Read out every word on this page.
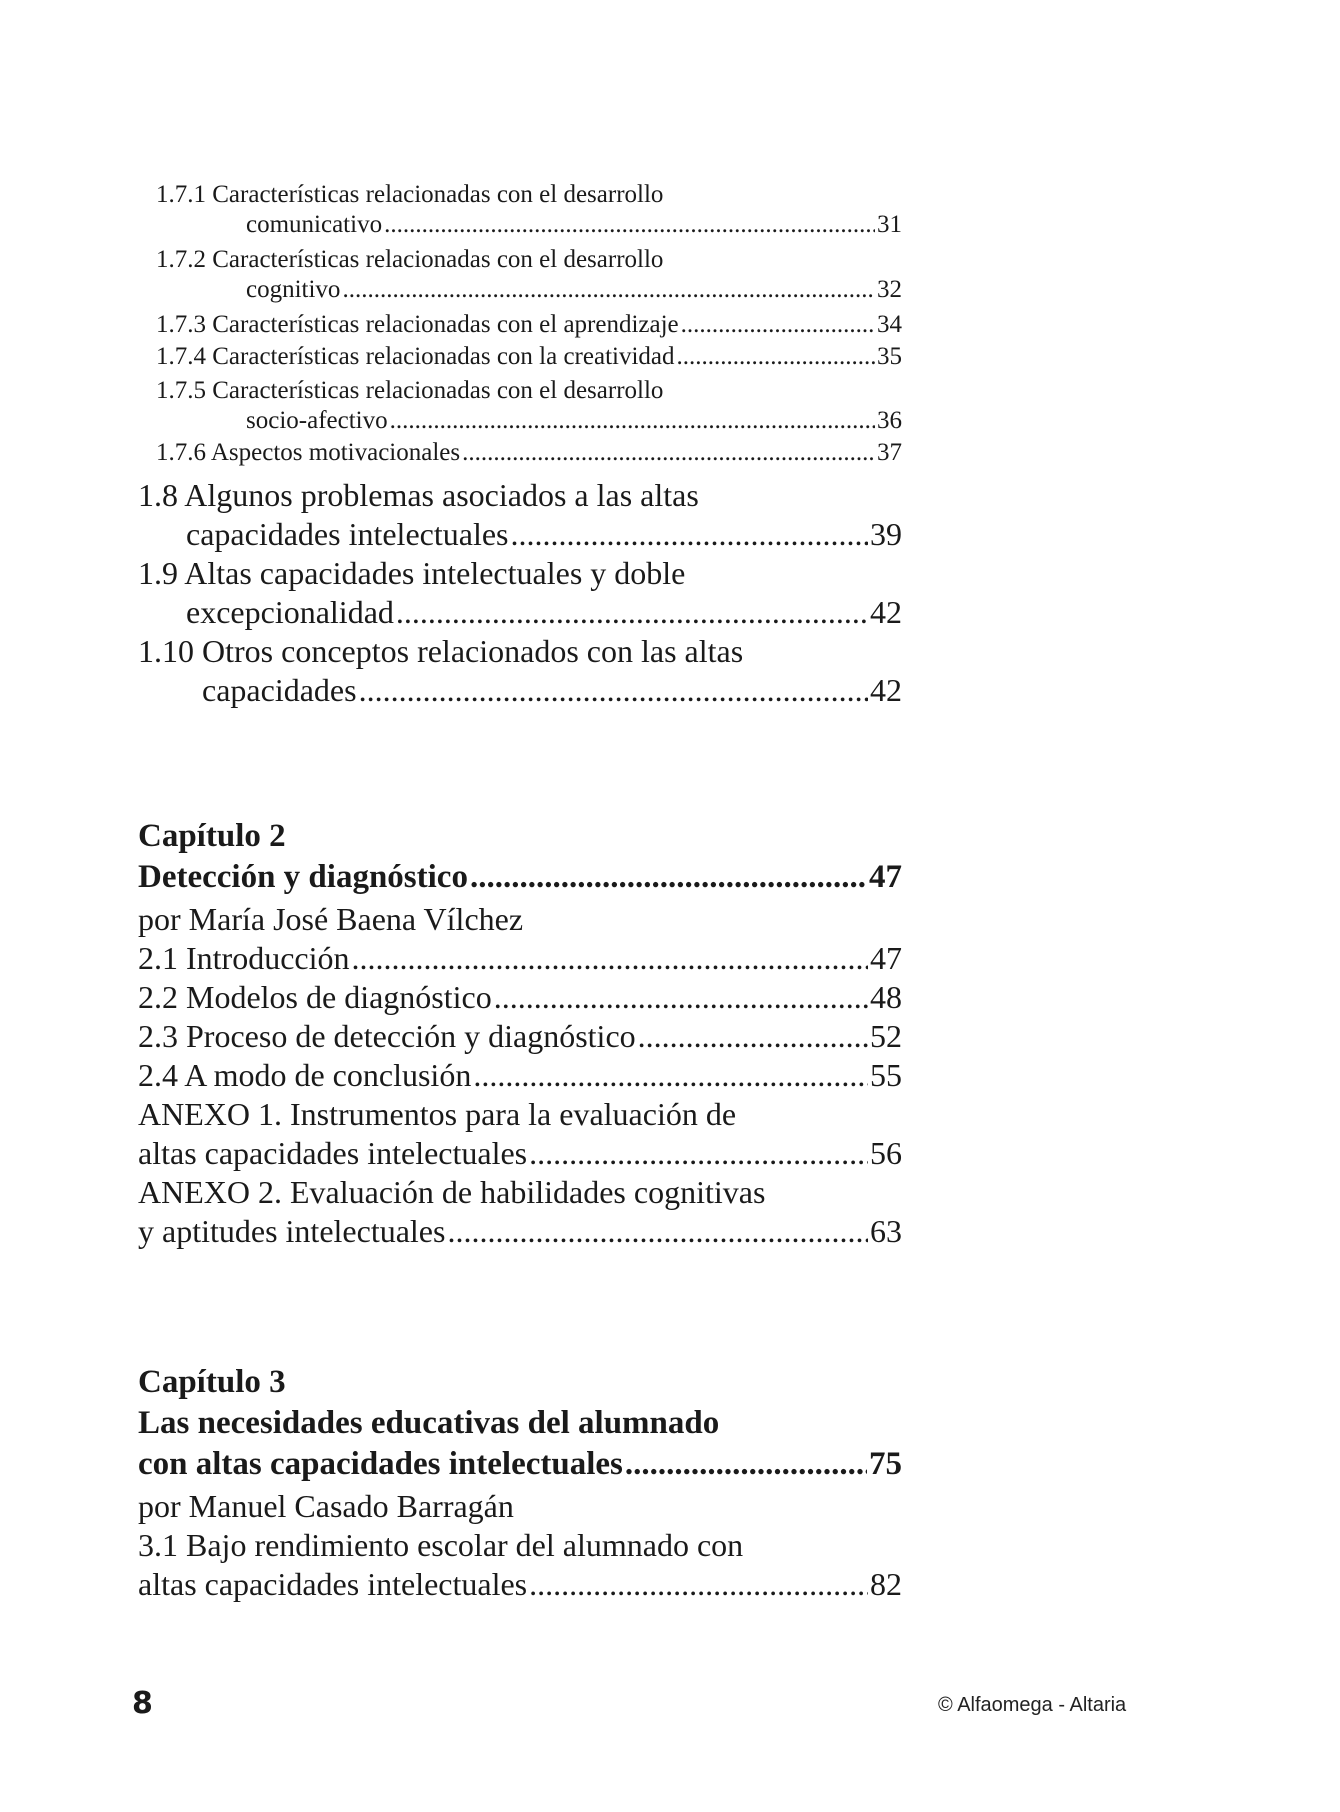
1.7.1 Características relacionadas con el desarrollo
comunicativo .....	31
1.7.2 Características relacionadas con el desarrollo
cognitivo .....	32
1.7.3 Características relacionadas con el aprendizaje .....	34
1.7.4 Características relacionadas con la creatividad .....	35
1.7.5 Características relacionadas con el desarrollo
socio-afectivo .....	36
1.7.6 Aspectos motivacionales .....	37
1.8 Algunos problemas asociados a las altas
capacidades intelectuales .....	39
1.9 Altas capacidades intelectuales y doble
excepcionalidad .....	42
1.10 Otros conceptos relacionados con las altas
capacidades .....	42
Capítulo 2
Detección y diagnóstico .....	47
por María José Baena Vílchez
2.1 Introducción .....	47
2.2 Modelos de diagnóstico .....	48
2.3 Proceso de detección y diagnóstico .....	52
2.4 A modo de conclusión .....	55
ANEXO 1. Instrumentos para la evaluación de
altas capacidades intelectuales .....	56
ANEXO 2. Evaluación de habilidades cognitivas
y aptitudes intelectuales .....	63
Capítulo 3
Las necesidades educativas del alumnado
con altas capacidades intelectuales .....	75
por Manuel Casado Barragán
3.1 Bajo rendimiento escolar del alumnado con
altas capacidades intelectuales .....	82
8	© Alfaomega - Altaria
